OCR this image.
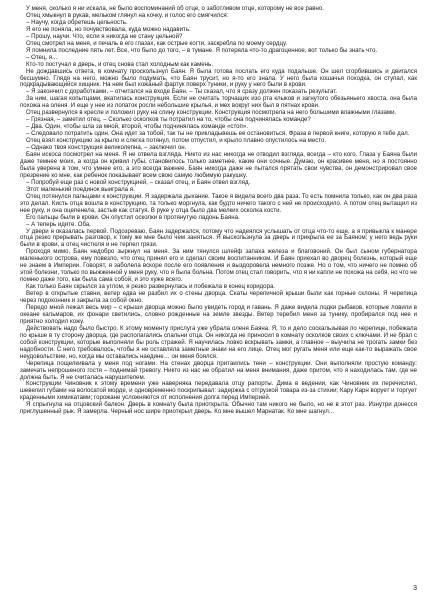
У меня, сколько я ни искала, не было воспоминаний об отце, о заботливом отце, которому не все равно.

Отец хмыкнул в рукав, мельком глянул на кочку, и голос его смягчился:

– Научу, когда обретешь цельность.

Я его не поняла, но почувствовала, куда можно надавить:

– Прошу, научи. Что, если я никогда не стану цельной?

Отец смотрел на меня, и печаль в его глазах, как острые когти, заскребла по моему сердцу.

Я помнила последние пять лет. Все, что было до того, – в тумане. Я потеряла что-то драгоценное, вот только бы знать что.

– Отец, я...

Кто-то постучал в дверь, и отец снова стал холодным как камень.

Не дождавшись ответа, в комнату проскользнул Баян. Я была готова послать его куда подальше. Он шел сгорбившись и двигался бесшумно. Глядя на него, можно было подумать, что Баян трусит, но я-то его знала. У него была кошачья походка, он ступал, как подкрадывающийся хищник. На нем был кожаный фартук поверх туники, и руку у него были в крови.

– Я закончил с доработками, – отчитался на входе Баян. – Ты сказал, что я сразу должен показать результат.

За ним, шагая копытцами, вкатилась конструкция. Если не считать торчащих изо рта клыков и загнутого обезьяньего хвоста, она была похожа на оленя. И еще у нее из лопаток росли небольшие крылья, и мех вокруг них был в пятнах крови.

Отец развернулся в кресле и положил руку на спину конструкции. Конструкция посмотрела на него большими влажными глазами.

– Грязная, – заметил отец. – Сколько осколков ты потратил на то, чтобы она подчинялась команде?

– Два. Один, чтобы шла за мной, второй, чтобы подчинялась команде «стоп».

– Следовало потратить один. Она идет за тобой, так ты не прикладывешь ее остановиться. Фраза в первой книге, которую я тебе дал.

Отец взял конструкцию за крыло и слегка потянул, потом отпустил, и крыло плавно опустилось на место.

– Однако твоя конструкция великолепна, – заключил он.

Баян искоса посмотрел на меня. Я не отвела взгляда. Никто из нас никогда не отводил взгляда, всегда – кто кого. Глаза у Баяна были даже темнее моих, а когда он кривил губы, становилось только заметнее, какие они сочные. Думаю, он красивее меня, но я постоянно была уверена в том, что умнее его, а это всегда важнее. Баян никогда даже не пытался прятать свои чувства, он демонстрировал свое презрение ко мне, как ребенок показывает всем свою самую любимую ракушку.

– Попробуй еще раз с новой конструкцией, – сказал отец, и Баян отвел взгляд.

Этот маленький поединок выиграла я.

Отец потянулся пальцами к конструкции. Я задержала дыхание. Такое я видела всего два раза. То есть помнила только, как он два раза это делал. Кисть отца вошла в конструкцию, та только моргнула, как будто ничего такого с ней не происходило. А потом отец вытащил из нее руку, и она оцепенела, застыв как статуя. В руке у отца было два мелких осколка кости.

Его пальцы были в крови. Он опустил осколки в протянутую ладонь Баяна.

– А теперь идите. Оба.

У двери я оказалась первой. Подозреваю, Баян задержался, потому что надеялся услышать от отца что-то еще, а я привыкла к манере отца резко прерывать разговор, к тому же мне было чем заняться. Я выскользнула за дверь и прикрыла ее за Баяном; у него ведь руки были в крови, а отец чистюля и не терпел грязи.

Проходя мимо, Баян недобро зыркнул на меня. За ним тянулся шлейф запаха железа и благовоний. Он был сыном губернатора маленького острова, ему повезло, что отец принял его и сделал своим воспитанником. И Баян приехал во дворец болезнь, который еще не знаем в Империи. Говорят, я заболела вскоре после его появления и выздоровела немного позже. Но о том, что ничего не помню об этой болезни, только по выжженной у меня руку, что я была больна. Потом отец стал говорить, что я ни капли не похожа на себя, но что не помню даже того, как была сама собой, и это хуже всего.

Как только Баян скрылся за углом, я резко развернулась и побежала в конец коридора.

Ветер в открытые ставни, ветер едва не разбил их о стены дворца. Скаты черепичной крыши были как горные склоны. Я черепица через подоконник и закрыла за собой окно.

Передо мной лежал весь мир – с крыши дворца можно было увидеть город и гавань. Я даже видела лодки рыбаков, которые ловили в океане кальмаров, их фонари светились, словно рожденные на земле звезды. Ветер теребил меня за тунику, пробирался под нее и приятно холодил кожу.

Действовать надо было быстро. К этому моменту прислуга уже убрала оленя Баяна. Я, то и дело соскальзывая по черепице, побежала по крыше в ту сторону дворца, где располагались спальни отца. Он никогда не приносил в комнату осколков своих с ключами. И не брал с собой конструкции, которые выполняли бы роль стражей. Я научилась ловко вскрывать замки, а главное – выучила не трогать замки без надобности. С него требовалось, чтобы я не оставляла заметные знаки на его лице. Отец мог ругать меня или еще как-то выражать свое неудовольствие, но, когда мы оставались наедине… он меня боялся.

Черепица пощелкивала у меня под ногами. На стенах дворца притаились тени – конструкции. Они выполняли простую команду: замечать непрошеного гостя – поднимай тревогу. Никто из нас не обратил на меня внимания, даже притом, что я находилась там, где не должна быть. Я не считалась нарушителем.

Конструкции Чиновник к этому времени уже наверняка передавала отцу рапорты. Дима в ведении, как Чиновник их перечислял, шевелил губами на волосатой морде, и одновременно поскрипывал: задержка с отгрузкой товара из-за стихии; Кару Карн ворует и торгует краденными химикатами; горожане усложняются от исполнения долга перед Империей.

Я спрыгнула на отцовский балкон. Дверь в комнату была приоткрыта. Обычно там никого не было, но не в этот раз. Изнутри донесся приглушенный рык. Я замерла. Черный нос шире приоткрыл дверь. Ко мне вышел Марнатак. Ко мне шагнул...

3
